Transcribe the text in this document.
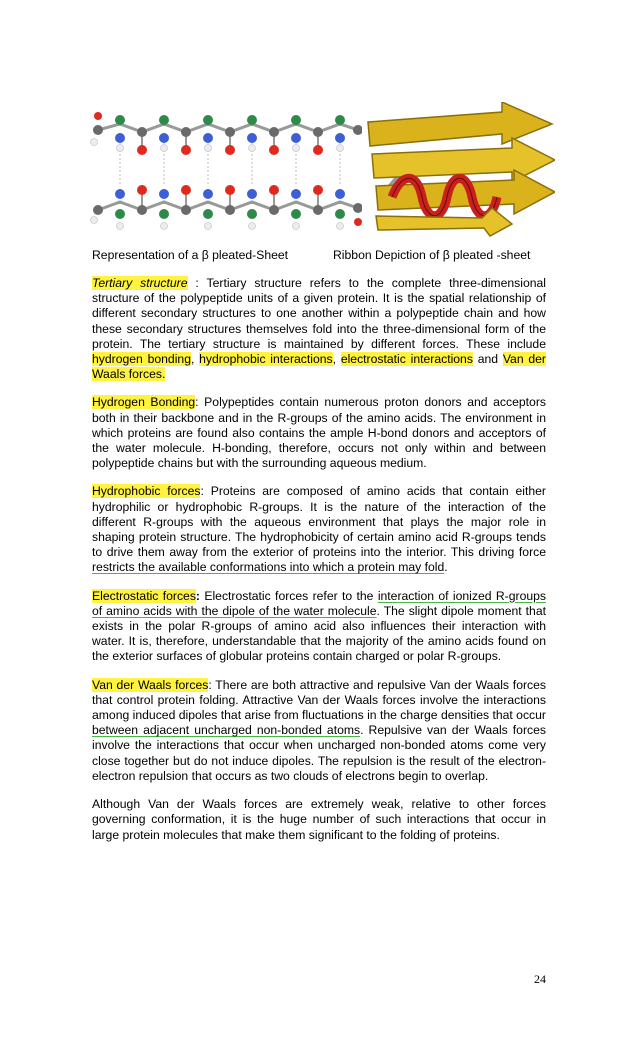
Representation of a β pleated-Sheet	Ribbon Depiction of β pleated -sheet

Tertiary structure : Tertiary structure refers to the complete three-dimensional structure of the polypeptide units of a given protein. It is the spatial relationship of different secondary structures to one another within a polypeptide chain and how these secondary structures themselves fold into the three-dimensional form of the protein. The tertiary structure is maintained by different forces. These include hydrogen bonding, hydrophobic interactions, electrostatic interactions and Van der Waals forces.

Hydrogen Bonding: Polypeptides contain numerous proton donors and acceptors both in their backbone and in the R-groups of the amino acids. The environment in which proteins are found also contains the ample H-bond donors and acceptors of the water molecule. H-bonding, therefore, occurs not only within and between polypeptide chains but with the surrounding aqueous medium.

Hydrophobic forces: Proteins are composed of amino acids that contain either hydrophilic or hydrophobic R-groups. It is the nature of the interaction of the different R-groups with the aqueous environment that plays the major role in shaping protein structure. The hydrophobicity of certain amino acid R-groups tends to drive them away from the exterior of proteins into the interior. This driving force restricts the available conformations into which a protein may fold.

Electrostatic forces: Electrostatic forces refer to the interaction of ionized R-groups of amino acids with the dipole of the water molecule. The slight dipole moment that exists in the polar R-groups of amino acid also influences their interaction with water. It is, therefore, understandable that the majority of the amino acids found on the exterior surfaces of globular proteins contain charged or polar R-groups.

Van der Waals forces: There are both attractive and repulsive Van der Waals forces that control protein folding. Attractive Van der Waals forces involve the interactions among induced dipoles that arise from fluctuations in the charge densities that occur between adjacent uncharged non-bonded atoms. Repulsive van der Waals forces involve the interactions that occur when uncharged non-bonded atoms come very close together but do not induce dipoles. The repulsion is the result of the electron-electron repulsion that occurs as two clouds of electrons begin to overlap.

Although Van der Waals forces are extremely weak, relative to other forces governing conformation, it is the huge number of such interactions that occur in large protein molecules that make them significant to the folding of proteins.

24
